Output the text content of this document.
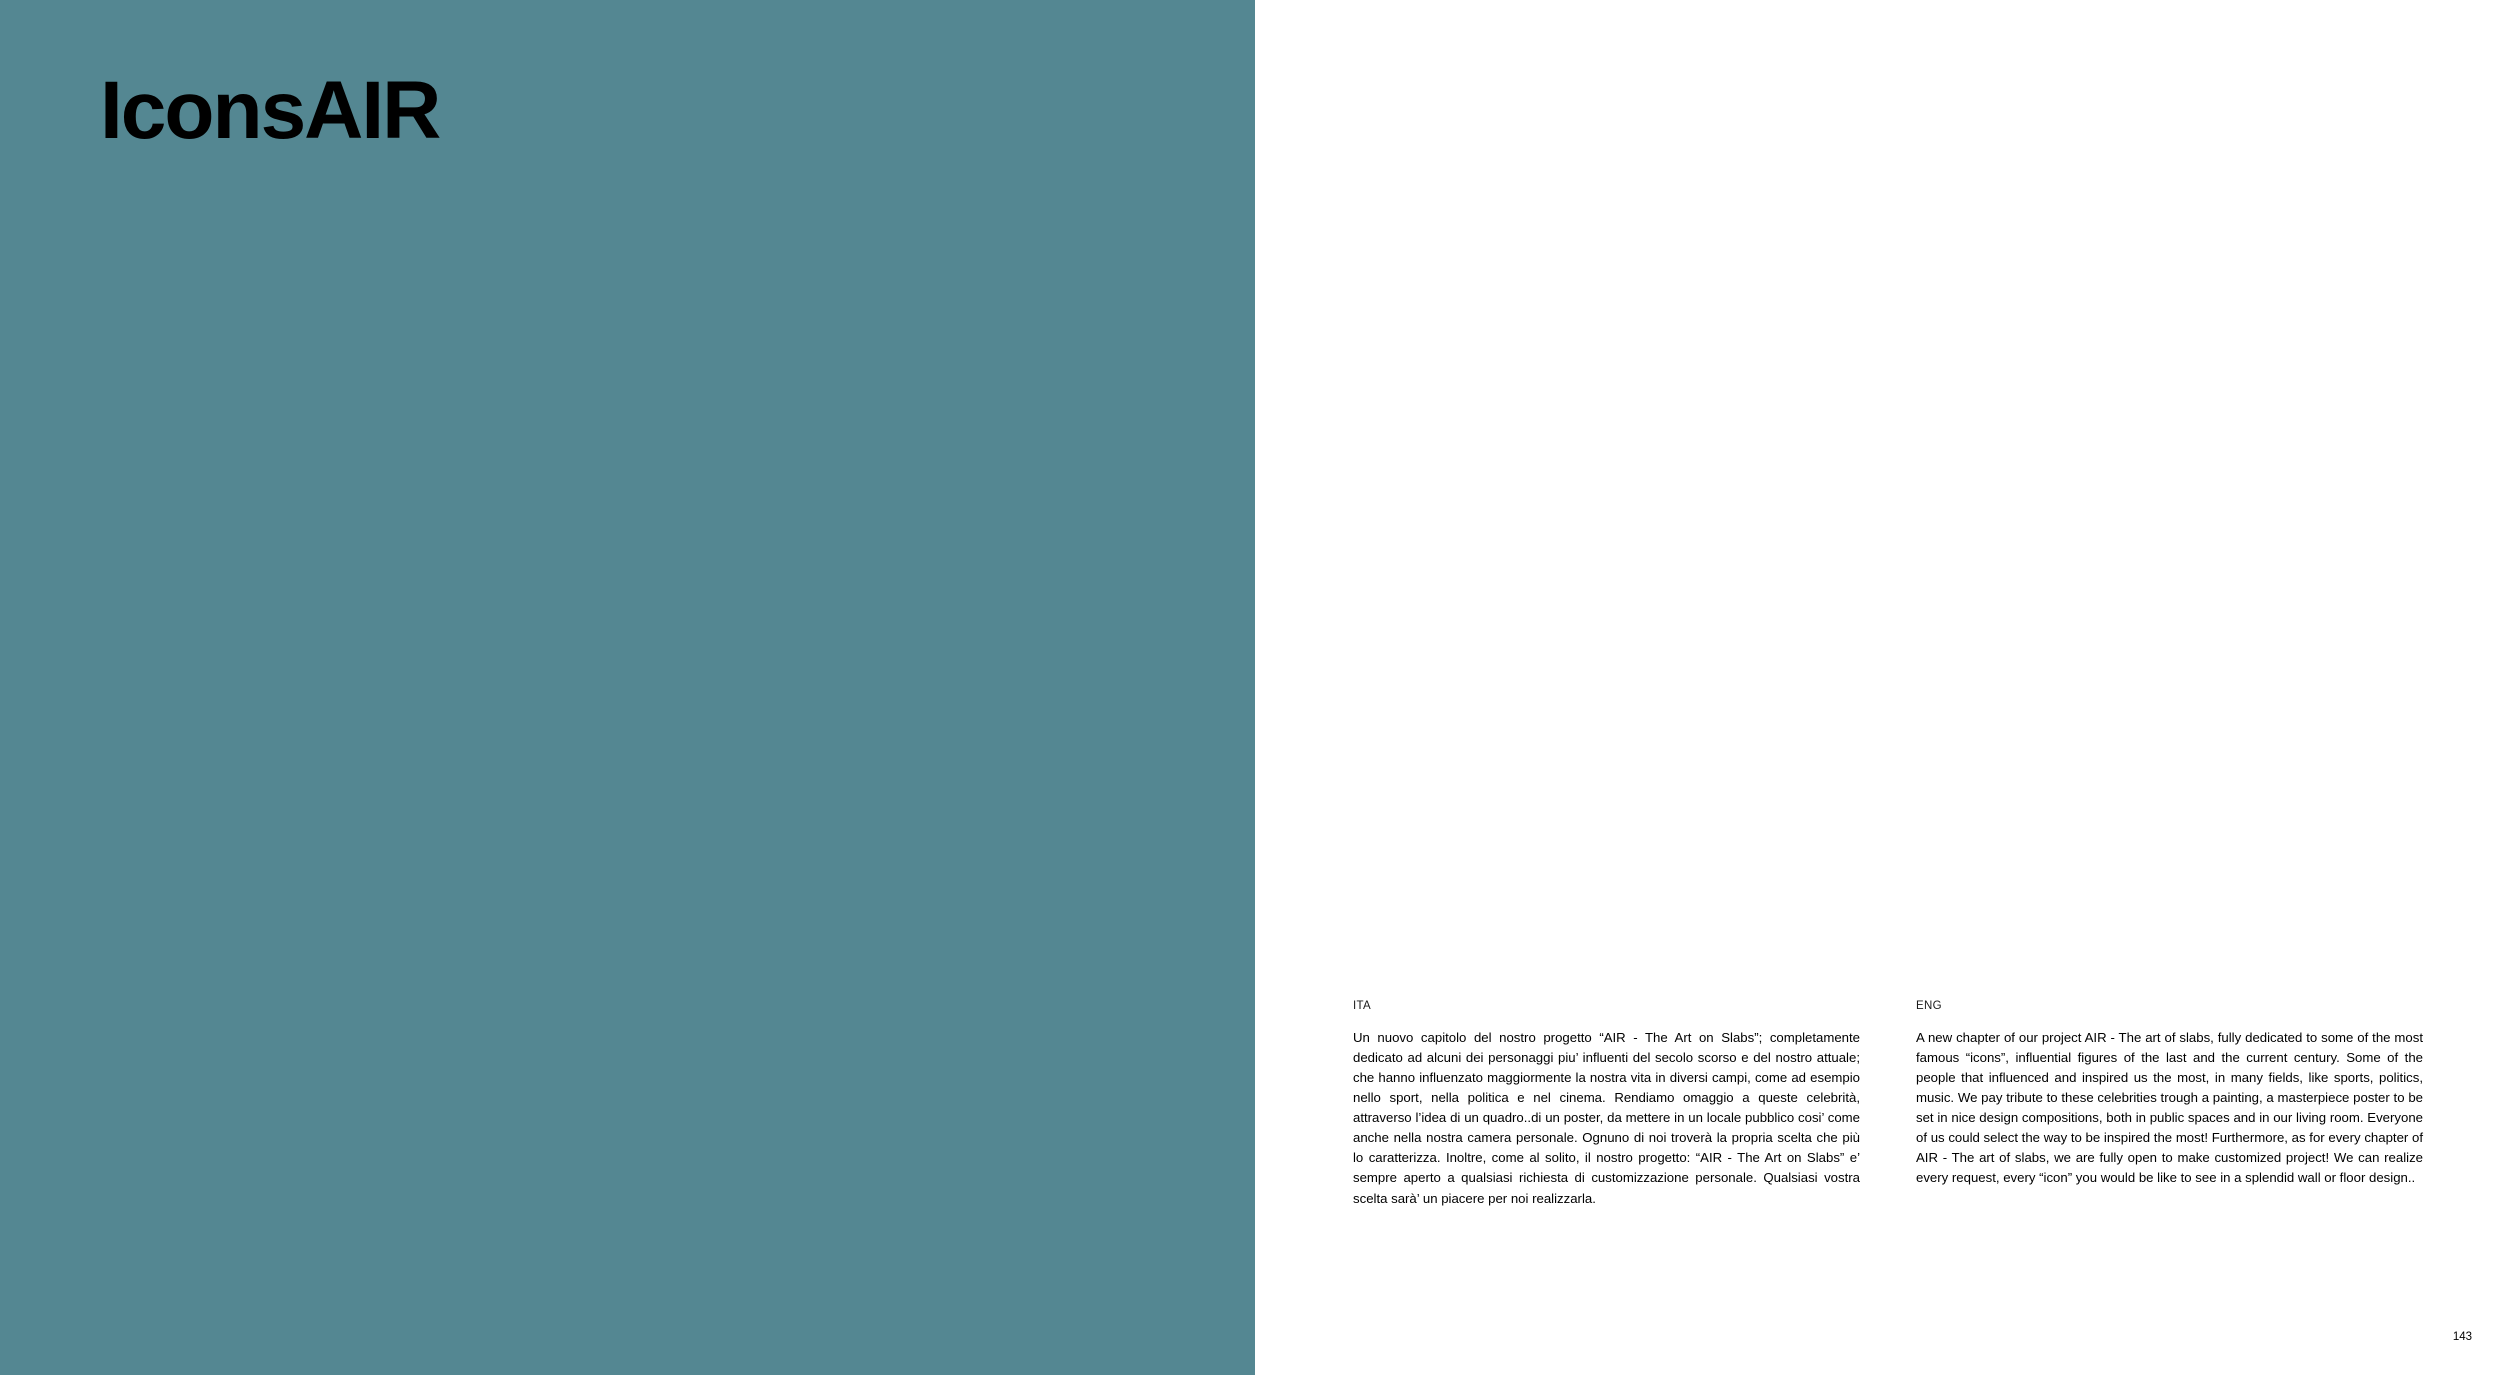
IconsAIR
ITA
Un nuovo capitolo del nostro progetto “AIR - The Art on Slabs”; completamente dedicato ad alcuni dei personaggi piu’ influenti del secolo scorso e del nostro attuale; che hanno influenzato maggiormente la nostra vita in diversi campi, come ad esempio nello sport, nella politica e nel cinema. Rendiamo omaggio a queste celebrità, attraverso l’idea di un quadro..di un poster, da mettere in un locale pubblico cosi’ come anche nella nostra camera personale. Ognuno di noi troverà la propria scelta che più lo caratterizza. Inoltre, come al solito, il nostro progetto: “AIR - The Art on Slabs” e’ sempre aperto a qualsiasi richiesta di customizzazione personale. Qualsiasi vostra scelta sarà’ un piacere per noi realizzarla.
ENG
A new chapter of our project AIR - The art of slabs, fully dedicated to some of the most famous “icons”, influential figures of the last and the current century. Some of the people that influenced and inspired us the most, in many fields, like sports, politics, music. We pay tribute to these celebrities trough a painting, a masterpiece poster to be set in nice design compositions, both in public spaces and in our living room. Everyone of us could select the way to be inspired the most! Furthermore, as for every chapter of AIR - The art of slabs, we are fully open to make customized project! We can realize every request, every “icon” you would be like to see in a splendid wall or floor design..
143
